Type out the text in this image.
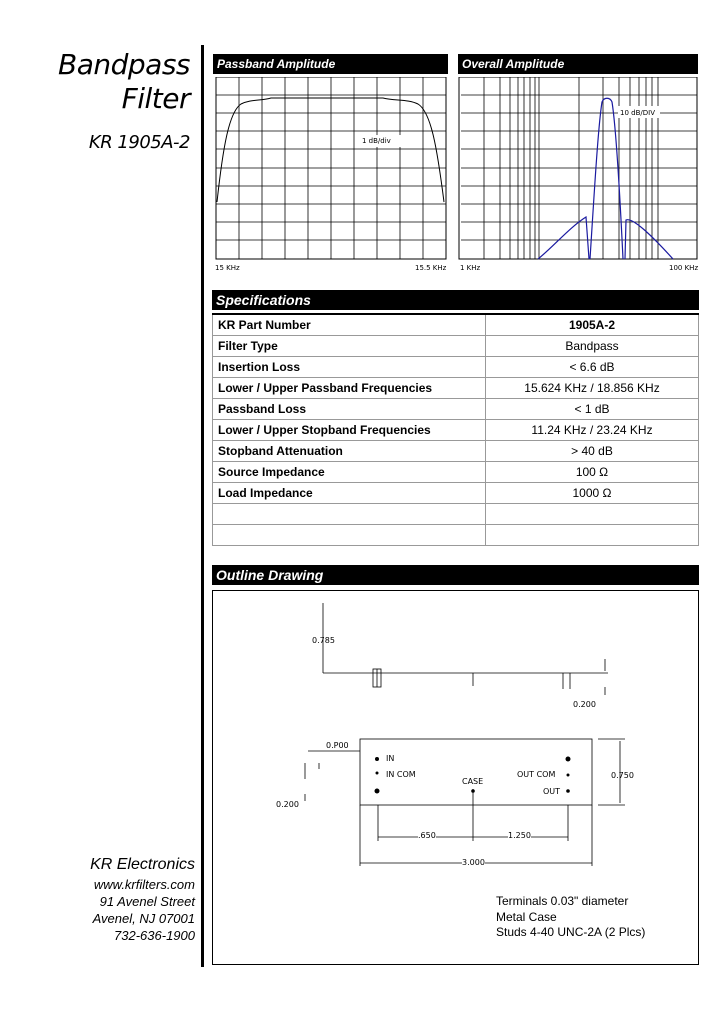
Bandpass
Filter
KR 1905A-2
Passband Amplitude
1 dB/div
15 KHz	15.5 KHz
Overall Amplitude
10 dB/DIV
1 KHz	100 KHz
Specifications
KR Part Number	1905A-2
Filter Type	Bandpass
Insertion Loss	< 6.6 dB
Lower / Upper Passband Frequencies	15.624 KHz / 18.856 KHz
Passband Loss	< 1 dB
Lower / Upper Stopband Frequencies	11.24 KHz / 23.24 KHz
Stopband Attenuation	> 40 dB
Source Impedance	100 Ω
Load Impedance	1000 Ω

Outline Drawing
0.785
0.200
0.P00
0.200
0.750
.650	1.250
3.000
IN
IN COM
CASE
OUT COM
OUT
Terminals 0.03" diameter
Metal Case
Studs 4-40 UNC-2A (2 Plcs)
KR Electronics
www.krfilters.com
91 Avenel Street
Avenel, NJ 07001
732-636-1900
